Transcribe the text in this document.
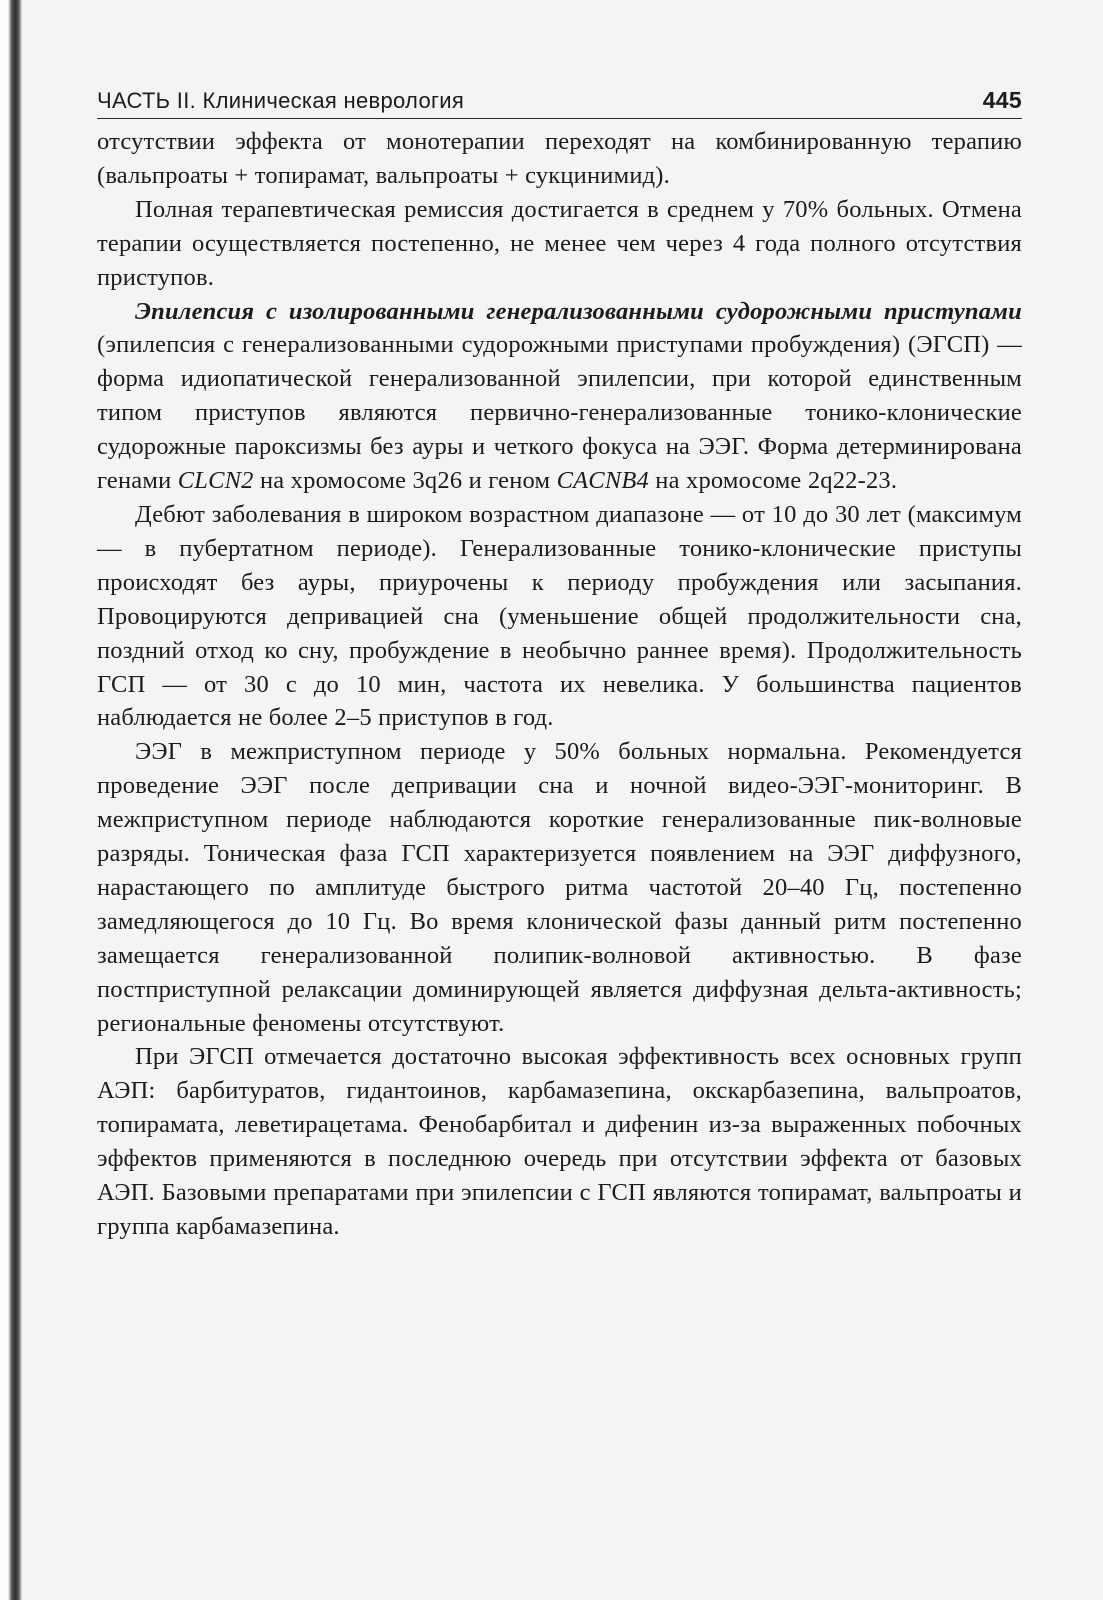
ЧАСТЬ II. Клиническая неврология	445

отсутствии эффекта от монотерапии переходят на комбинированную терапию (вальпроаты + топирамат, вальпроаты + сукцинимид).

Полная терапевтическая ремиссия достигается в среднем у 70% больных. Отмена терапии осуществляется постепенно, не менее чем через 4 года полного отсутствия приступов.

Эпилепсия с изолированными генерализованными судорожными приступами (эпилепсия с генерализованными судорожными приступами пробуждения) (ЭГСП) — форма идиопатической генерализованной эпилепсии, при которой единственным типом приступов являются первично-генерализованные тонико-клонические судорожные пароксизмы без ауры и четкого фокуса на ЭЭГ. Форма детерминирована генами CLCN2 на хромосоме 3q26 и геном CACNB4 на хромосоме 2q22-23.

Дебют заболевания в широком возрастном диапазоне — от 10 до 30 лет (максимум — в пубертатном периоде). Генерализованные тонико-клонические приступы происходят без ауры, приурочены к периоду пробуждения или засыпания. Провоцируются депривацией сна (уменьшение общей продолжительности сна, поздний отход ко сну, пробуждение в необычно раннее время). Продолжительность ГСП — от 30 с до 10 мин, частота их невелика. У большинства пациентов наблюдается не более 2–5 приступов в год.

ЭЭГ в межприступном периоде у 50% больных нормальна. Рекомендуется проведение ЭЭГ после депривации сна и ночной видео-ЭЭГ-мониторинг. В межприступном периоде наблюдаются короткие генерализованные пик-волновые разряды. Тоническая фаза ГСП характеризуется появлением на ЭЭГ диффузного, нарастающего по амплитуде быстрого ритма частотой 20–40 Гц, постепенно замедляющегося до 10 Гц. Во время клонической фазы данный ритм постепенно замещается генерализованной полипик-волновой активностью. В фазе постприступной релаксации доминирующей является диффузная дельта-активность; региональные феномены отсутствуют.

При ЭГСП отмечается достаточно высокая эффективность всех основных групп АЭП: барбитуратов, гидантоинов, карбамазепина, окскарбазепина, вальпроатов, топирамата, леветирацетама. Фенобарбитал и дифенин из-за выраженных побочных эффектов применяются в последнюю очередь при отсутствии эффекта от базовых АЭП. Базовыми препаратами при эпилепсии с ГСП являются топирамат, вальпроаты и группа карбамазепина.
